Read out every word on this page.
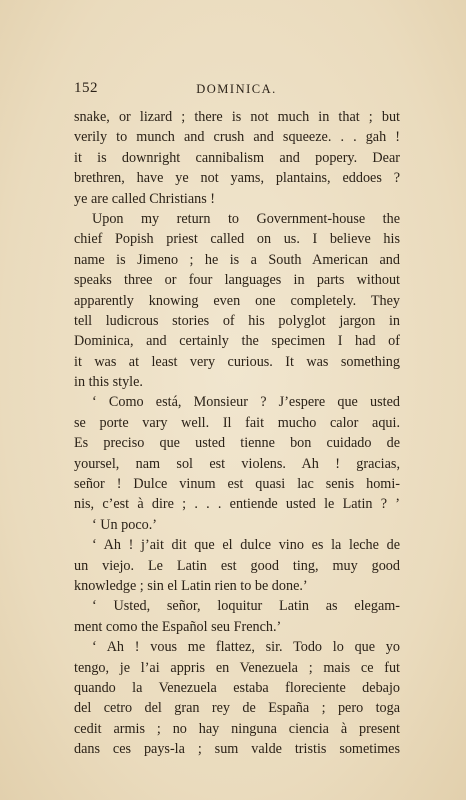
152	DOMINICA.
snake, or lizard ; there is not much in that ; but
verily to munch and crush and squeeze. . . gah !
it is downright cannibalism and popery. Dear
brethren, have ye not yams, plantains, eddoes ?
ye are called Christians !
Upon my return to Government-house the
chief Popish priest called on us. I believe his
name is Jimeno ; he is a South American and
speaks three or four languages in parts without
apparently knowing even one completely. They
tell ludicrous stories of his polyglot jargon in
Dominica, and certainly the specimen I had of
it was at least very curious. It was something
in this style.
‘ Como está, Monsieur ? J’espere que usted
se porte vary well. Il fait mucho calor aqui.
Es preciso que usted tienne bon cuidado de
yoursel, nam sol est violens. Ah ! gracias,
señor ! Dulce vinum est quasi lac senis homi-
nis, c’est à dire ; . . . entiende usted le Latin ? ’
‘ Un poco.’
‘ Ah ! j’ait dit que el dulce vino es la leche de
un viejo. Le Latin est good ting, muy good
knowledge ; sin el Latin rien to be done.’
‘ Usted, señor, loquitur Latin as elegam-
ment como the Español seu French.’
‘ Ah ! vous me flattez, sir. Todo lo que yo
tengo, je l’ai appris en Venezuela ; mais ce fut
quando la Venezuela estaba floreciente debajo
del cetro del gran rey de España ; pero toga
cedit armis ; no hay ninguna ciencia à present
dans ces pays-la ; sum valde tristis sometimes
